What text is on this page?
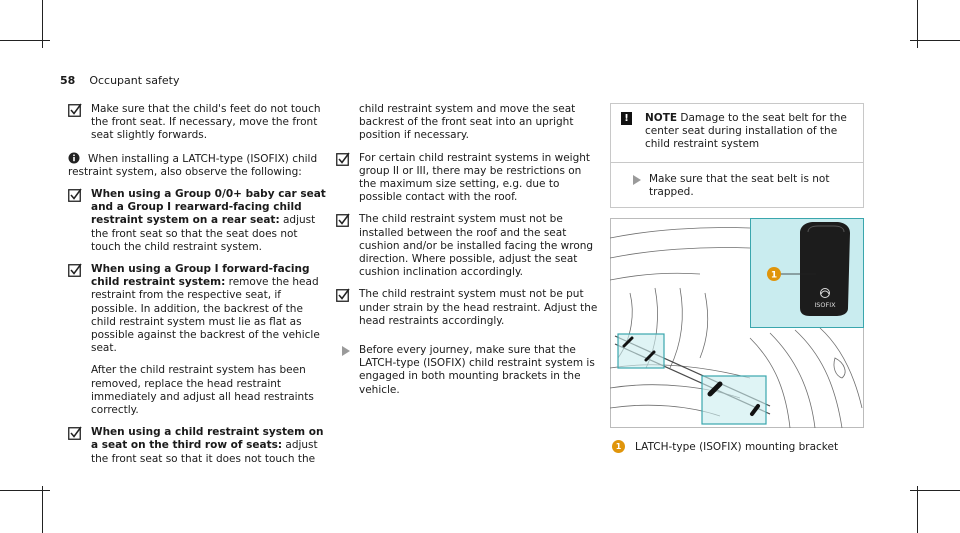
58 Occupant safety
Make sure that the child's feet do not touch the front seat. If necessary, move the front seat slightly forwards.
When installing a LATCH-type (ISOFIX) child restraint system, also observe the following:
When using a Group 0/0+ baby car seat and a Group I rearward-facing child restraint system on a rear seat: adjust the front seat so that the seat does not touch the child restraint system.
When using a Group I forward-facing child restraint system: remove the head restraint from the respective seat, if possible. In addition, the backrest of the child restraint system must lie as flat as possible against the backrest of the vehicle seat.
After the child restraint system has been removed, replace the head restraint immediately and adjust all head restraints correctly.
When using a child restraint system on a seat on the third row of seats: adjust the front seat so that it does not touch the
child restraint system and move the seat backrest of the front seat into an upright position if necessary.
For certain child restraint systems in weight group II or III, there may be restrictions on the maximum size setting, e.g. due to possible contact with the roof.
The child restraint system must not be installed between the roof and the seat cushion and/or be installed facing the wrong direction. Where possible, adjust the seat cushion inclination accordingly.
The child restraint system must not be put under strain by the head restraint. Adjust the head restraints accordingly.
Before every journey, make sure that the LATCH-type (ISOFIX) child restraint system is engaged in both mounting brackets in the vehicle.
!	NOTE Damage to the seat belt for the center seat during installation of the child restraint system
Make sure that the seat belt is not trapped.
ISOFIX
1
1	LATCH-type (ISOFIX) mounting bracket
